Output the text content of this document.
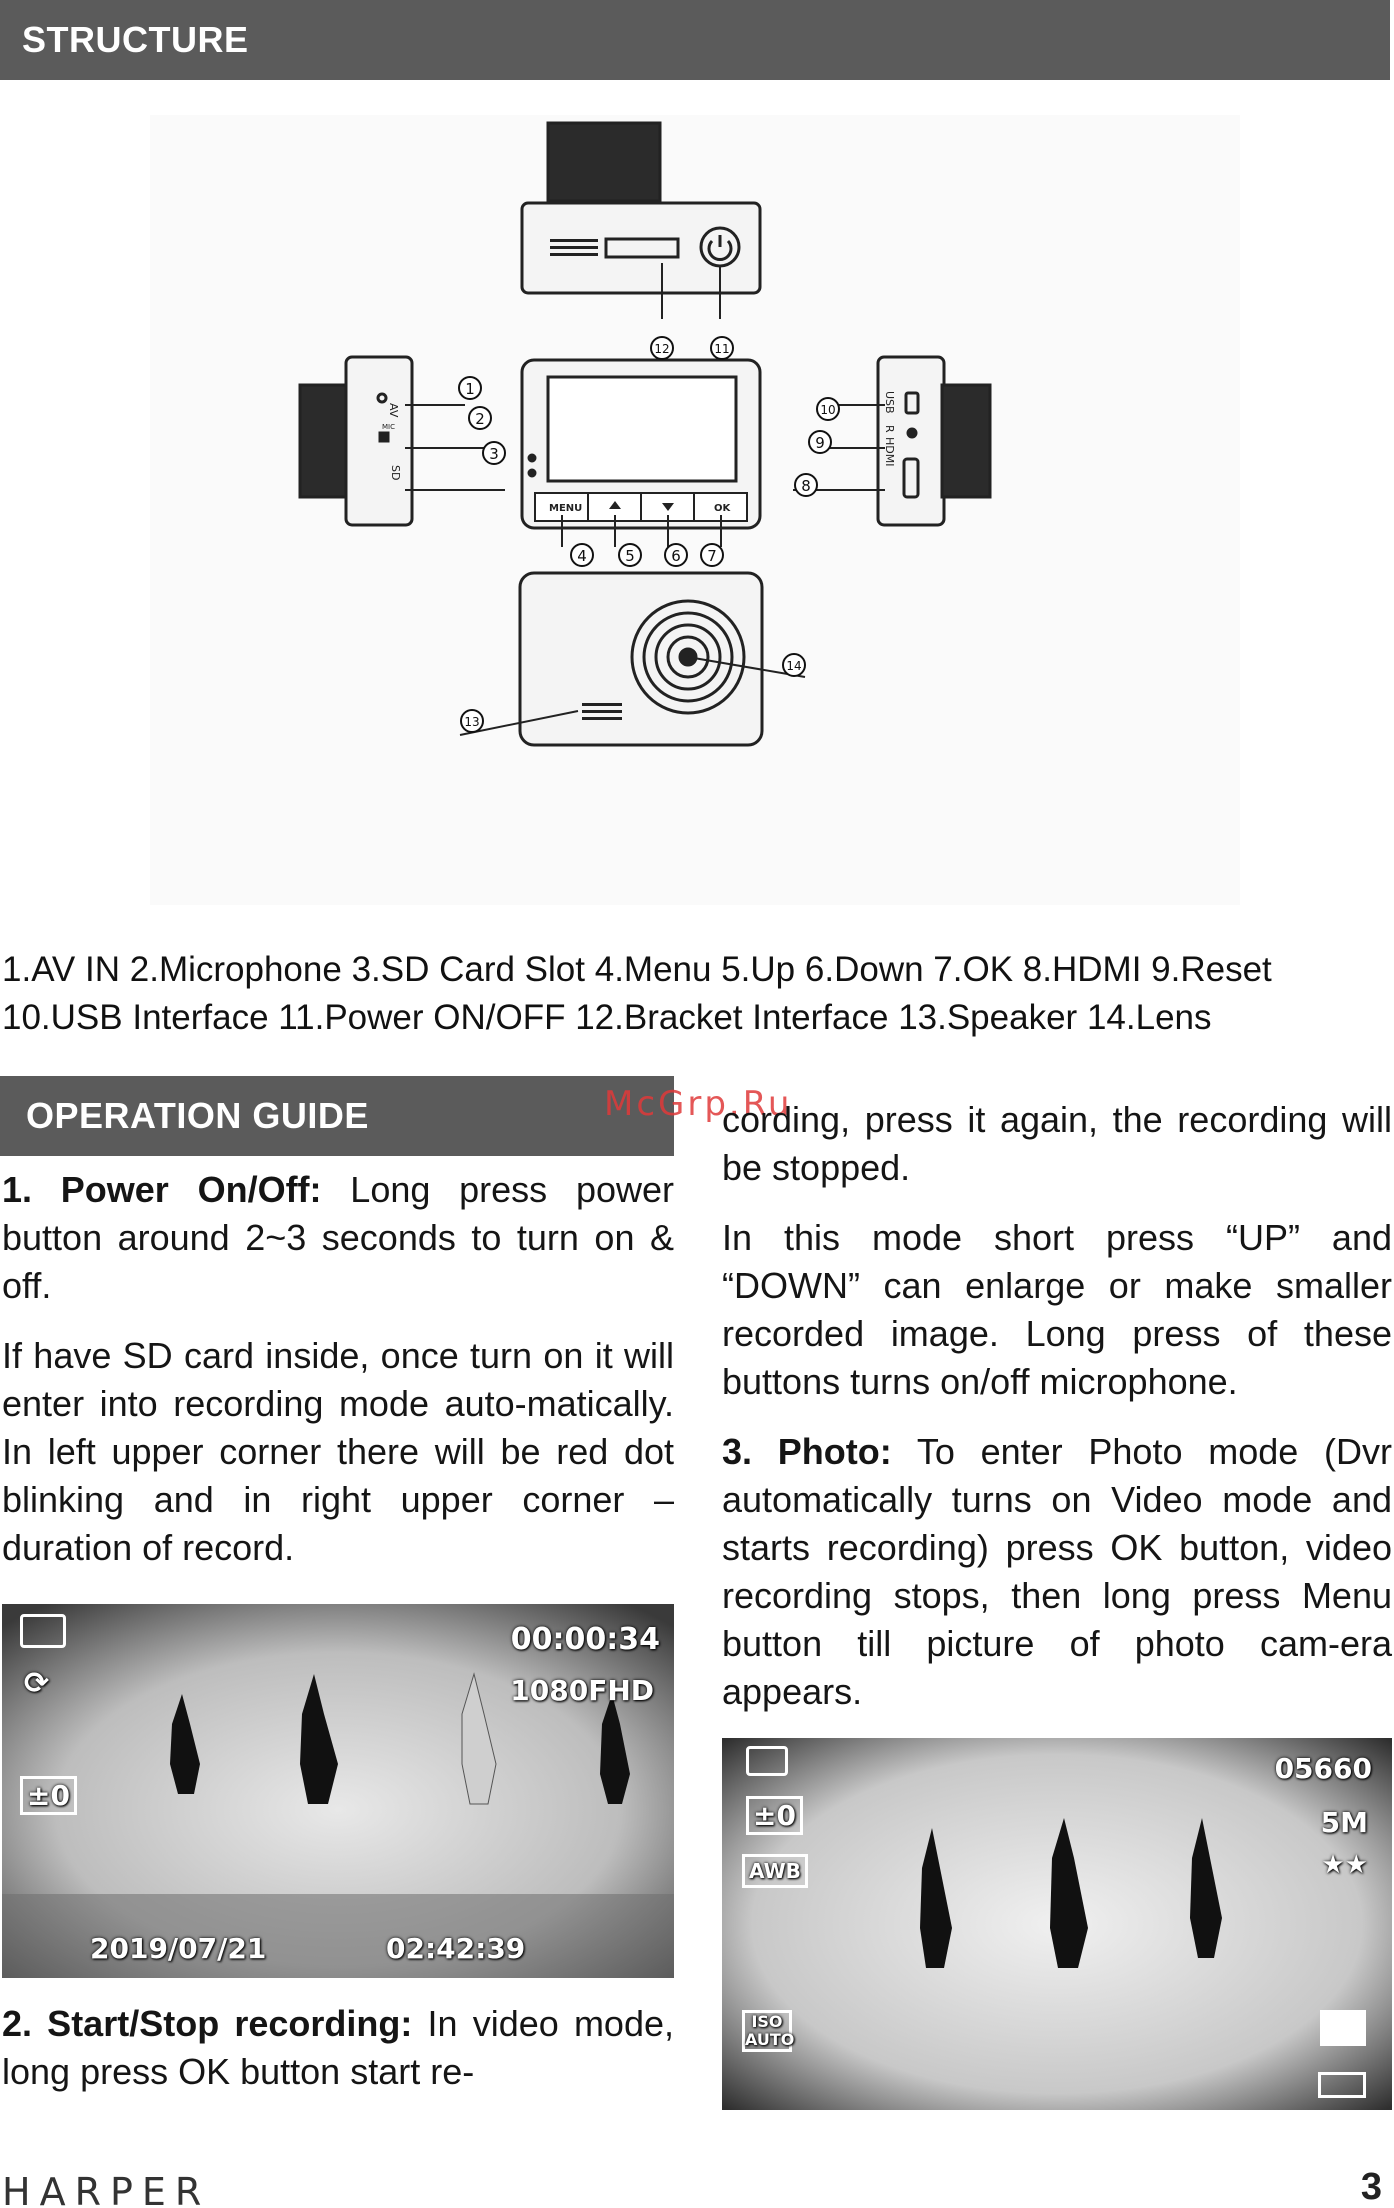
STRUCTURE
AV
MIC
SD
USB
R
HDMI
MENU	OK
1
2
3
4	5 6 7
8
9
10
11
12
13
14
1.AV IN 2.Microphone 3.SD Card Slot 4.Menu 5.Up 6.Down 7.OK 8.HDMI 9.Reset
10.USB Interface 11.Power ON/OFF 12.Bracket Interface 13.Speaker 14.Lens
OPERATION GUIDE	McGrp.Ru

1. Power On/Off: Long press power button around 2~3 seconds to turn on & off.

If have SD card inside, once turn on it will enter into recording mode auto-matically. In left upper corner there will be red dot blinking and in right upper corner – duration of record.

⟳
±0
00:00:34
1080FHD
2019/07/21	02:42:39

2. Start/Stop recording: In video mode, long press OK button start re-

cording, press it again, the recording will be stopped.

In this mode short press “UP” and “DOWN” can enlarge or make smaller recorded image. Long press of these buttons turns on/off microphone.

3. Photo: To enter Photo mode (Dvr automatically turns on Video mode and starts recording) press OK button, video recording stops, then long press Menu button till picture of photo cam-era appears.

±0
AWB
ISO AUTO
05660
5M
★★
HARPER	3
